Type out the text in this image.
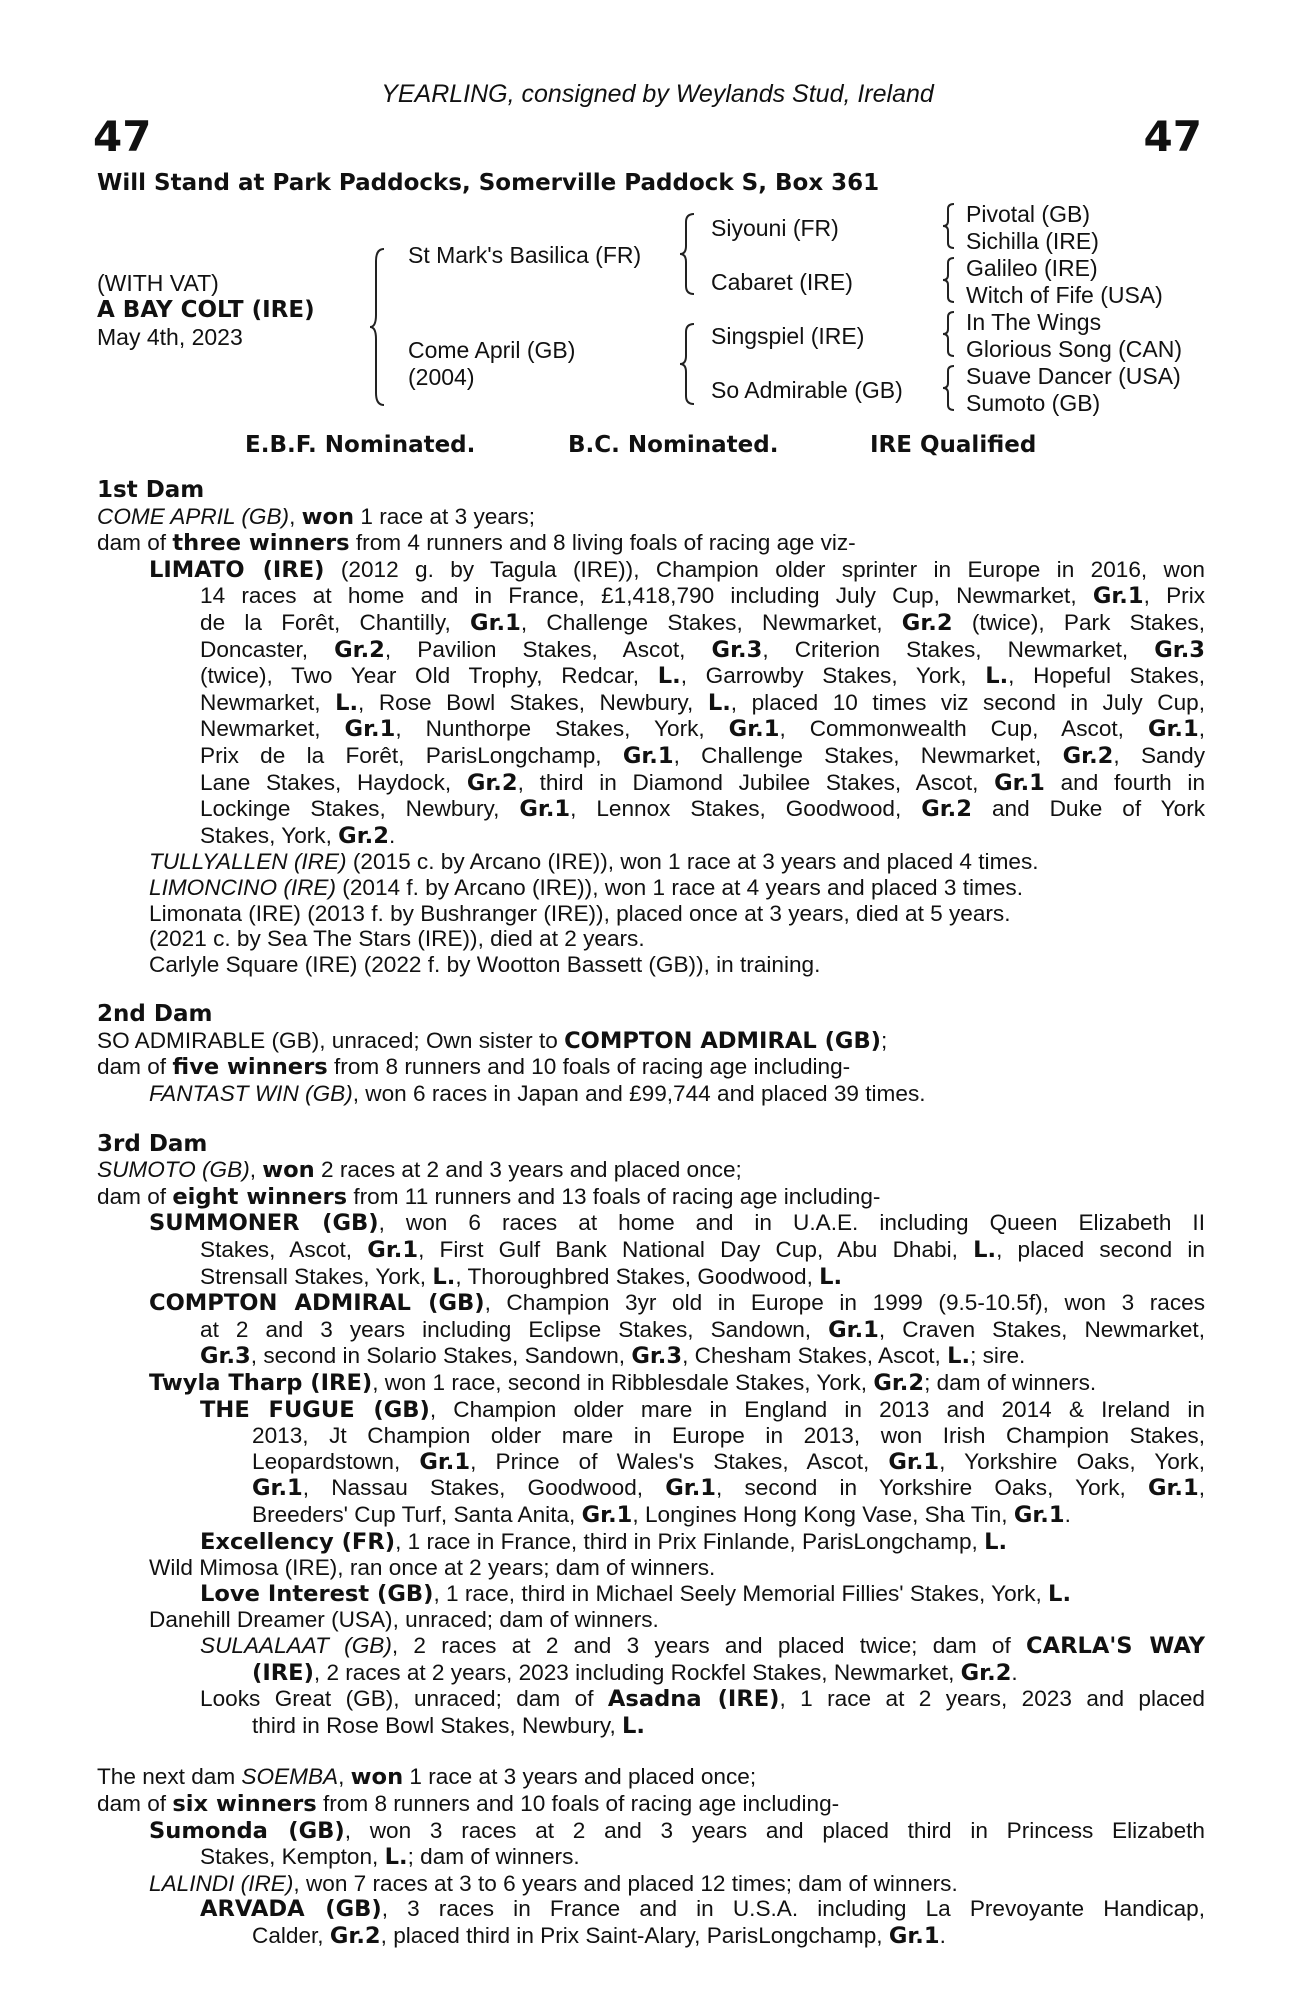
47
YEARLING, consigned by Weylands Stud, Ireland
47
Will Stand at Park Paddocks, Somerville Paddock S, Box 361
(WITH VAT)
A BAY COLT (IRE)
May 4th, 2023
St Mark's Basilica (FR)
Come April (GB)
(2004)
Siyouni (FR)
Cabaret (IRE)
Singspiel (IRE)
So Admirable (GB)
Pivotal (GB)
Sichilla (IRE)
Galileo (IRE)
Witch of Fife (USA)
In The Wings
Glorious Song (CAN)
Suave Dancer (USA)
Sumoto (GB)
E.B.F. Nominated.	B.C. Nominated.	IRE Qualified
1st Dam
COME APRIL (GB), won 1 race at 3 years;
dam of three winners from 4 runners and 8 living foals of racing age viz-
LIMATO (IRE) (2012 g. by Tagula (IRE)), Champion older sprinter in Europe in 2016, won
14 races at home and in France, £1,418,790 including July Cup, Newmarket, Gr.1, Prix
de la Forêt, Chantilly, Gr.1, Challenge Stakes, Newmarket, Gr.2 (twice), Park Stakes,
Doncaster, Gr.2, Pavilion Stakes, Ascot, Gr.3, Criterion Stakes, Newmarket, Gr.3
(twice), Two Year Old Trophy, Redcar, L., Garrowby Stakes, York, L., Hopeful Stakes,
Newmarket, L., Rose Bowl Stakes, Newbury, L., placed 10 times viz second in July Cup,
Newmarket, Gr.1, Nunthorpe Stakes, York, Gr.1, Commonwealth Cup, Ascot, Gr.1,
Prix de la Forêt, ParisLongchamp, Gr.1, Challenge Stakes, Newmarket, Gr.2, Sandy
Lane Stakes, Haydock, Gr.2, third in Diamond Jubilee Stakes, Ascot, Gr.1 and fourth in
Lockinge Stakes, Newbury, Gr.1, Lennox Stakes, Goodwood, Gr.2 and Duke of York
Stakes, York, Gr.2.
TULLYALLEN (IRE) (2015 c. by Arcano (IRE)), won 1 race at 3 years and placed 4 times.
LIMONCINO (IRE) (2014 f. by Arcano (IRE)), won 1 race at 4 years and placed 3 times.
Limonata (IRE) (2013 f. by Bushranger (IRE)), placed once at 3 years, died at 5 years.
(2021 c. by Sea The Stars (IRE)), died at 2 years.
Carlyle Square (IRE) (2022 f. by Wootton Bassett (GB)), in training.
2nd Dam
SO ADMIRABLE (GB), unraced; Own sister to COMPTON ADMIRAL (GB);
dam of five winners from 8 runners and 10 foals of racing age including-
FANTAST WIN (GB), won 6 races in Japan and £99,744 and placed 39 times.
3rd Dam
SUMOTO (GB), won 2 races at 2 and 3 years and placed once;
dam of eight winners from 11 runners and 13 foals of racing age including-
SUMMONER (GB), won 6 races at home and in U.A.E. including Queen Elizabeth II
Stakes, Ascot, Gr.1, First Gulf Bank National Day Cup, Abu Dhabi, L., placed second in
Strensall Stakes, York, L., Thoroughbred Stakes, Goodwood, L.
COMPTON ADMIRAL (GB), Champion 3yr old in Europe in 1999 (9.5-10.5f), won 3 races
at 2 and 3 years including Eclipse Stakes, Sandown, Gr.1, Craven Stakes, Newmarket,
Gr.3, second in Solario Stakes, Sandown, Gr.3, Chesham Stakes, Ascot, L.; sire.
Twyla Tharp (IRE), won 1 race, second in Ribblesdale Stakes, York, Gr.2; dam of winners.
THE FUGUE (GB), Champion older mare in England in 2013 and 2014 & Ireland in
2013, Jt Champion older mare in Europe in 2013, won Irish Champion Stakes,
Leopardstown, Gr.1, Prince of Wales's Stakes, Ascot, Gr.1, Yorkshire Oaks, York,
Gr.1, Nassau Stakes, Goodwood, Gr.1, second in Yorkshire Oaks, York, Gr.1,
Breeders' Cup Turf, Santa Anita, Gr.1, Longines Hong Kong Vase, Sha Tin, Gr.1.
Excellency (FR), 1 race in France, third in Prix Finlande, ParisLongchamp, L.
Wild Mimosa (IRE), ran once at 2 years; dam of winners.
Love Interest (GB), 1 race, third in Michael Seely Memorial Fillies' Stakes, York, L.
Danehill Dreamer (USA), unraced; dam of winners.
SULAALAAT (GB), 2 races at 2 and 3 years and placed twice; dam of CARLA'S WAY
(IRE), 2 races at 2 years, 2023 including Rockfel Stakes, Newmarket, Gr.2.
Looks Great (GB), unraced; dam of Asadna (IRE), 1 race at 2 years, 2023 and placed
third in Rose Bowl Stakes, Newbury, L.
The next dam SOEMBA, won 1 race at 3 years and placed once;
dam of six winners from 8 runners and 10 foals of racing age including-
Sumonda (GB), won 3 races at 2 and 3 years and placed third in Princess Elizabeth
Stakes, Kempton, L.; dam of winners.
LALINDI (IRE), won 7 races at 3 to 6 years and placed 12 times; dam of winners.
ARVADA (GB), 3 races in France and in U.S.A. including La Prevoyante Handicap,
Calder, Gr.2, placed third in Prix Saint-Alary, ParisLongchamp, Gr.1.
